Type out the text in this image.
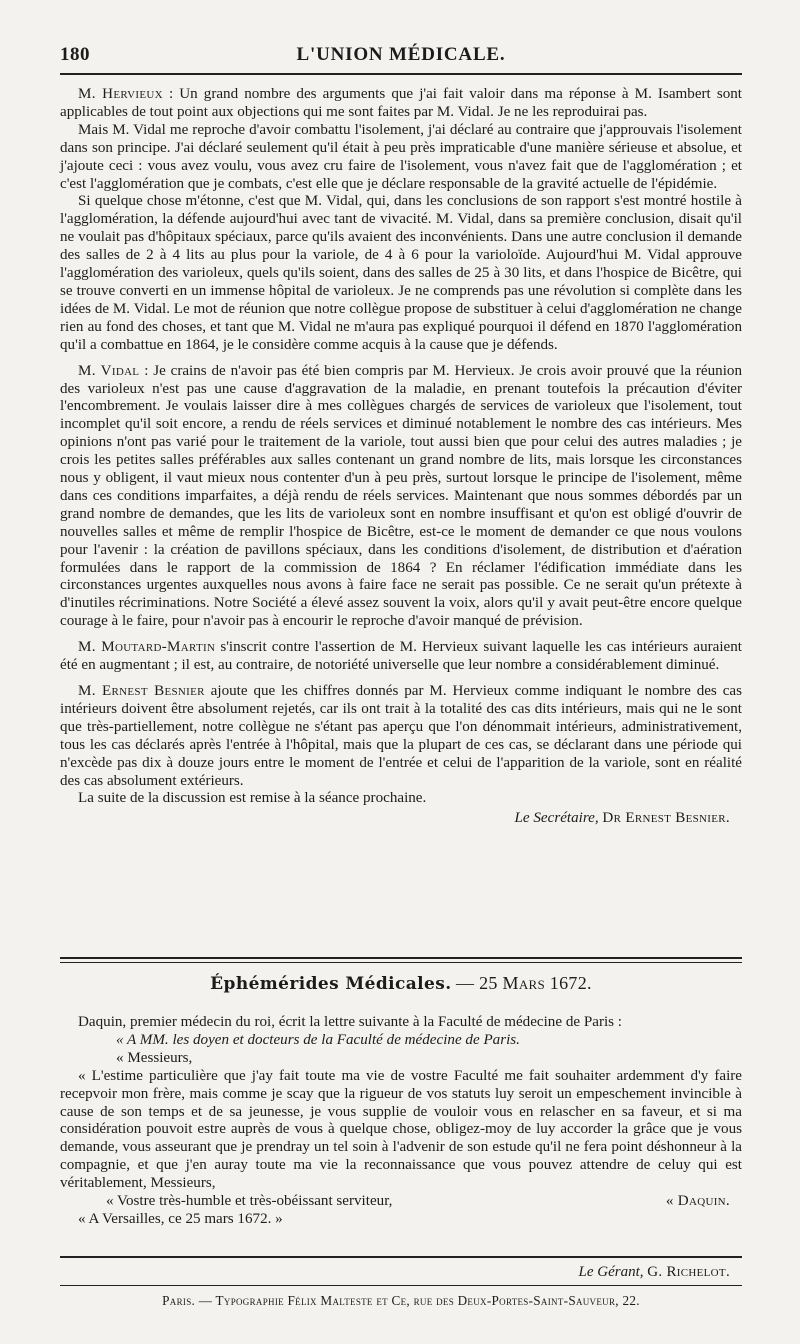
180	L'UNION MÉDICALE.

M. Hervieux : Un grand nombre des arguments que j'ai fait valoir dans ma réponse à M. Isambert sont applicables de tout point aux objections qui me sont faites par M. Vidal. Je ne les reproduirai pas.

Mais M. Vidal me reproche d'avoir combattu l'isolement, j'ai déclaré au contraire que j'approuvais l'isolement dans son principe. J'ai déclaré seulement qu'il était à peu près impraticable d'une manière sérieuse et absolue, et j'ajoute ceci : vous avez voulu, vous avez cru faire de l'isolement, vous n'avez fait que de l'agglomération ; et c'est l'agglomération que je combats, c'est elle que je déclare responsable de la gravité actuelle de l'épidémie.

Si quelque chose m'étonne, c'est que M. Vidal, qui, dans les conclusions de son rapport s'est montré hostile à l'agglomération, la défende aujourd'hui avec tant de vivacité. M. Vidal, dans sa première conclusion, disait qu'il ne voulait pas d'hôpitaux spéciaux, parce qu'ils avaient des inconvénients. Dans une autre conclusion il demande des salles de 2 à 4 lits au plus pour la variole, de 4 à 6 pour la varioloïde. Aujourd'hui M. Vidal approuve l'agglomération des varioleux, quels qu'ils soient, dans des salles de 25 à 30 lits, et dans l'hospice de Bicêtre, qui se trouve converti en un immense hôpital de varioleux. Je ne comprends pas une révolution si complète dans les idées de M. Vidal. Le mot de réunion que notre collègue propose de substituer à celui d'agglomération ne change rien au fond des choses, et tant que M. Vidal ne m'aura pas expliqué pourquoi il défend en 1870 l'agglomération qu'il a combattue en 1864, je le considère comme acquis à la cause que je défends.

M. Vidal : Je crains de n'avoir pas été bien compris par M. Hervieux. Je crois avoir prouvé que la réunion des varioleux n'est pas une cause d'aggravation de la maladie, en prenant toutefois la précaution d'éviter l'encombrement. Je voulais laisser dire à mes collègues chargés de services de varioleux que l'isolement, tout incomplet qu'il soit encore, a rendu de réels services et diminué notablement le nombre des cas intérieurs. Mes opinions n'ont pas varié pour le traitement de la variole, tout aussi bien que pour celui des autres maladies ; je crois les petites salles préférables aux salles contenant un grand nombre de lits, mais lorsque les circonstances nous y obligent, il vaut mieux nous contenter d'un à peu près, surtout lorsque le principe de l'isolement, même dans ces conditions imparfaites, a déjà rendu de réels services. Maintenant que nous sommes débordés par un grand nombre de demandes, que les lits de varioleux sont en nombre insuffisant et qu'on est obligé d'ouvrir de nouvelles salles et même de remplir l'hospice de Bicêtre, est-ce le moment de demander ce que nous voulons pour l'avenir : la création de pavillons spéciaux, dans les conditions d'isolement, de distribution et d'aération formulées dans le rapport de la commission de 1864 ? En réclamer l'édification immédiate dans les circonstances urgentes auxquelles nous avons à faire face ne serait pas possible. Ce ne serait qu'un prétexte à d'inutiles récriminations. Notre Société a élevé assez souvent la voix, alors qu'il y avait peut-être encore quelque courage à le faire, pour n'avoir pas à encourir le reproche d'avoir manqué de prévision.

M. Moutard-Martin s'inscrit contre l'assertion de M. Hervieux suivant laquelle les cas intérieurs auraient été en augmentant ; il est, au contraire, de notoriété universelle que leur nombre a considérablement diminué.

M. Ernest Besnier ajoute que les chiffres donnés par M. Hervieux comme indiquant le nombre des cas intérieurs doivent être absolument rejetés, car ils ont trait à la totalité des cas dits intérieurs, mais qui ne le sont que très-partiellement, notre collègue ne s'étant pas aperçu que l'on dénommait intérieurs, administrativement, tous les cas déclarés après l'entrée à l'hôpital, mais que la plupart de ces cas, se déclarant dans une période qui n'excède pas dix à douze jours entre le moment de l'entrée et celui de l'apparition de la variole, sont en réalité des cas absolument extérieurs.

La suite de la discussion est remise à la séance prochaine.

Le Secrétaire, Dr Ernest Besnier.
Éphémérides Médicales. — 25 Mars 1672.

Daquin, premier médecin du roi, écrit la lettre suivante à la Faculté de médecine de Paris :

« A MM. les doyen et docteurs de la Faculté de médecine de Paris.

« Messieurs,

« L'estime particulière que j'ay fait toute ma vie de vostre Faculté me fait souhaiter ardemment d'y faire recepvoir mon frère, mais comme je scay que la rigueur de vos statuts luy seroit un empeschement invincible à cause de son temps et de sa jeunesse, je vous supplie de vouloir vous en relascher en sa faveur, et si ma considération pouvoit estre auprès de vous à quelque chose, obligez-moy de luy accorder la grâce que je vous demande, vous asseurant que je prendray un tel soin à l'advenir de son estude qu'il ne fera point déshonneur à la compagnie, et que j'en auray toute ma vie la reconnaissance que vous pouvez attendre de celuy qui est véritablement, Messieurs,

« Vostre très-humble et très-obéissant serviteur,	« Daquin.
« A Versailles, ce 25 mars 1672. »
Le Gérant, G. Richelot.
Paris. — Typographie Félix Malteste et Ce, rue des Deux-Portes-Saint-Sauveur, 22.
